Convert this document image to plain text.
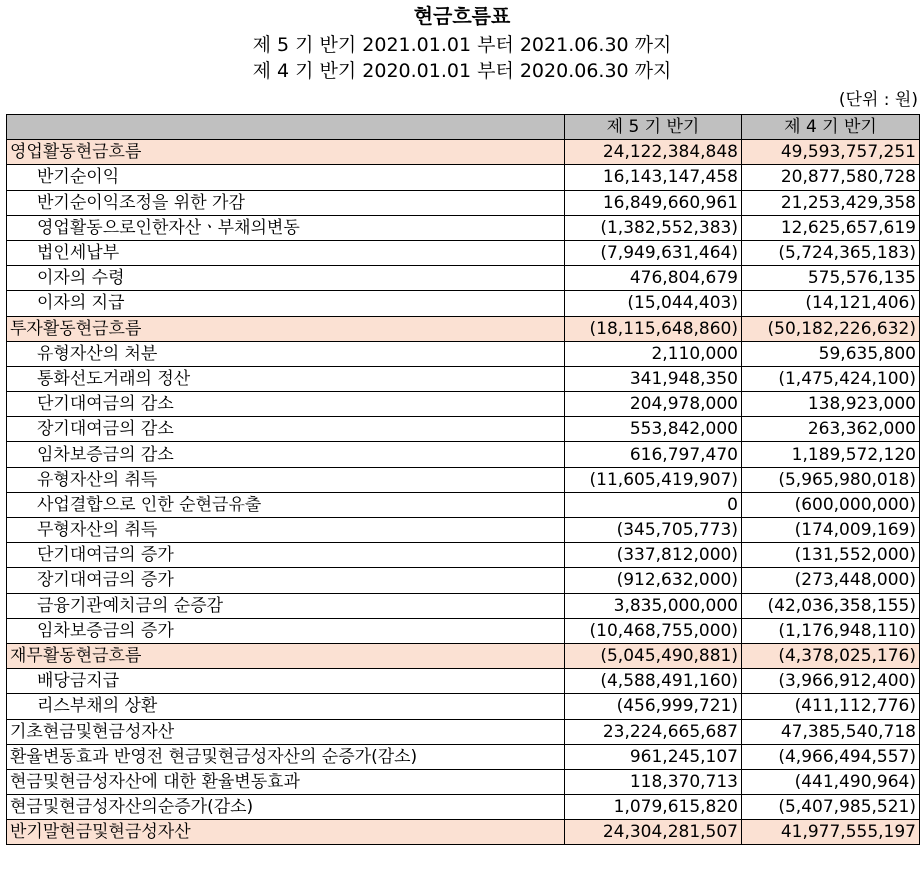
현금흐름표
제 5 기 반기 2021.01.01 부터 2021.06.30 까지
제 4 기 반기 2020.01.01 부터 2020.06.30 까지
(단위 : 원)
	제 5 기 반기	제 4 기 반기
영업활동현금흐름	24,122,384,848	49,593,757,251
반기순이익	16,143,147,458	20,877,580,728
반기순이익조정을 위한 가감	16,849,660,961	21,253,429,358
영업활동으로인한자산ㆍ부채의변동	(1,382,552,383)	12,625,657,619
법인세납부	(7,949,631,464)	(5,724,365,183)
이자의 수령	476,804,679	575,576,135
이자의 지급	(15,044,403)	(14,121,406)
투자활동현금흐름	(18,115,648,860)	(50,182,226,632)
유형자산의 처분	2,110,000	59,635,800
통화선도거래의 정산	341,948,350	(1,475,424,100)
단기대여금의 감소	204,978,000	138,923,000
장기대여금의 감소	553,842,000	263,362,000
임차보증금의 감소	616,797,470	1,189,572,120
유형자산의 취득	(11,605,419,907)	(5,965,980,018)
사업결합으로 인한 순현금유출	0	(600,000,000)
무형자산의 취득	(345,705,773)	(174,009,169)
단기대여금의 증가	(337,812,000)	(131,552,000)
장기대여금의 증가	(912,632,000)	(273,448,000)
금융기관예치금의 순증감	3,835,000,000	(42,036,358,155)
임차보증금의 증가	(10,468,755,000)	(1,176,948,110)
재무활동현금흐름	(5,045,490,881)	(4,378,025,176)
배당금지급	(4,588,491,160)	(3,966,912,400)
리스부채의 상환	(456,999,721)	(411,112,776)
기초현금및현금성자산	23,224,665,687	47,385,540,718
환율변동효과 반영전 현금및현금성자산의 순증가(감소)	961,245,107	(4,966,494,557)
현금및현금성자산에 대한 환율변동효과	118,370,713	(441,490,964)
현금및현금성자산의순증가(감소)	1,079,615,820	(5,407,985,521)
반기말현금및현금성자산	24,304,281,507	41,977,555,197
